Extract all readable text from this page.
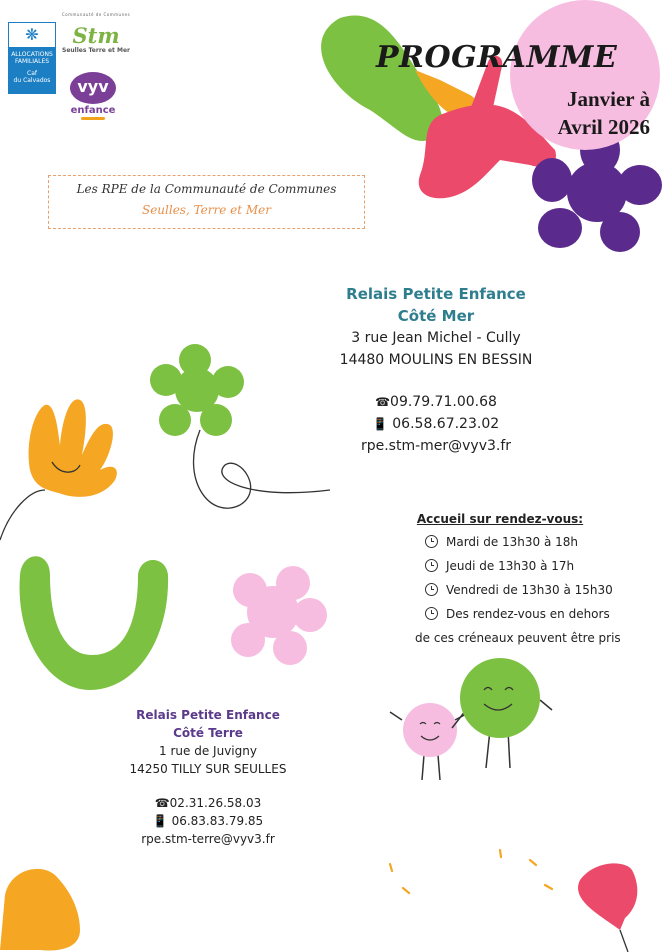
❋
ALLOCATIONS
FAMILIALES
Caf
du Calvados
Communauté de Communes
Stm
Seulles Terre et Mer
vyv
enfance
PROGRAMME
Janvier à
Avril 2026
Les RPE de la Communauté de Communes
Seulles, Terre et Mer
Relais Petite Enfance
Côté Mer
3 rue Jean Michel - Cully
14480 MOULINS EN BESSIN
☎09.79.71.00.68
📱 06.58.67.23.02
rpe.stm-mer@vyv3.fr
Accueil sur rendez-vous:
Mardi de 13h30 à 18h
Jeudi de 13h30 à 17h
Vendredi de 13h30 à 15h30
Des rendez-vous en dehors
de ces créneaux peuvent être pris
Relais Petite Enfance
Côté Terre
1 rue de Juvigny
14250 TILLY SUR SEULLES
☎02.31.26.58.03
📱 06.83.83.79.85
rpe.stm-terre@vyv3.fr
